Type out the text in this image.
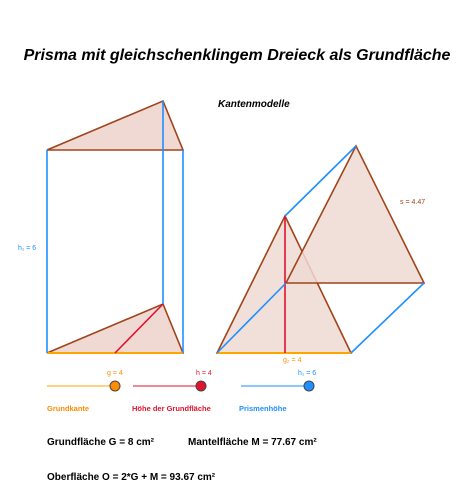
Prisma mit gleichschenklingem Dreieck als Grundfläche
Kantenmodelle
h₁ = 6
s = 4.47
g₂ = 4
g = 4	h = 4	h₁ = 6
Grundkante	Höhe der Grundfläche	Prismenhöhe
Grundfläche G = 8 cm²	Mantelfläche M = 77.67 cm²
Oberfläche O = 2*G + M = 93.67 cm²
